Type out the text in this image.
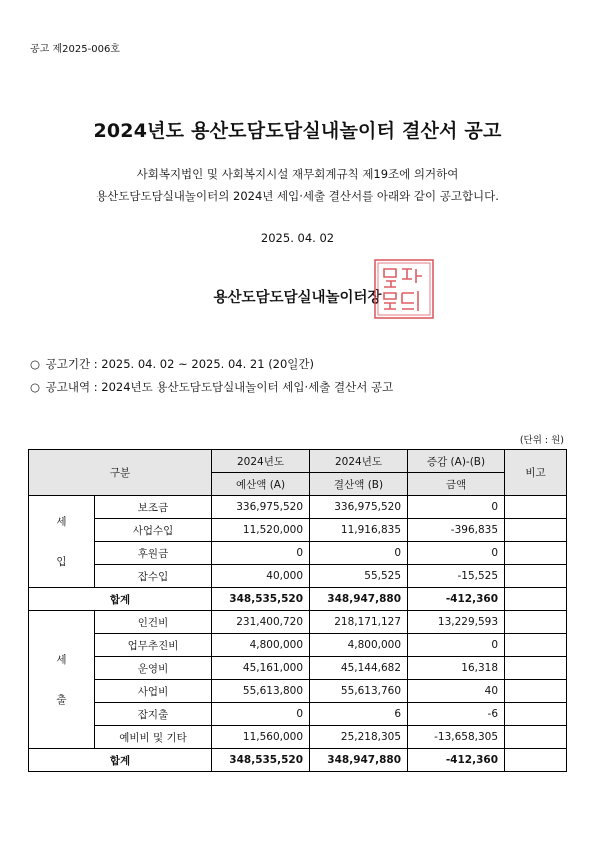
공고 제2025-006호
2024년도 용산도담도담실내놀이터 결산서 공고
사회복지법인 및 사회복지시설 재무회계규칙 제19조에 의거하여
용산도담도담실내놀이터의 2024년 세입·세출 결산서를 아래와 같이 공고합니다.
2025. 04. 02
용산도담도담실내놀이터장
○ 공고기간 : 2025. 04. 02 ~ 2025. 04. 21 (20일간)
○ 공고내역 : 2024년도 용산도담도담실내놀이터 세입·세출 결산서 공고
(단위 : 원)
구분		2024년도	2024년도	증감 (A)-(B)	비고
		예산액 (A)	결산액 (B)	금액	
세

입	보조금	336,975,520	336,975,520	0	
	사업수입	11,520,000	11,916,835	-396,835	
	후원금	0	0	0	
	잡수입	40,000	55,525	-15,525	
합계		348,535,520	348,947,880	-412,360	
세

출	인건비	231,400,720	218,171,127	13,229,593	
	업무추진비	4,800,000	4,800,000	0	
	운영비	45,161,000	45,144,682	16,318	
	사업비	55,613,800	55,613,760	40	
	잡지출	0	6	-6	
	예비비 및 기타	11,560,000	25,218,305	-13,658,305	
합계		348,535,520	348,947,880	-412,360	
